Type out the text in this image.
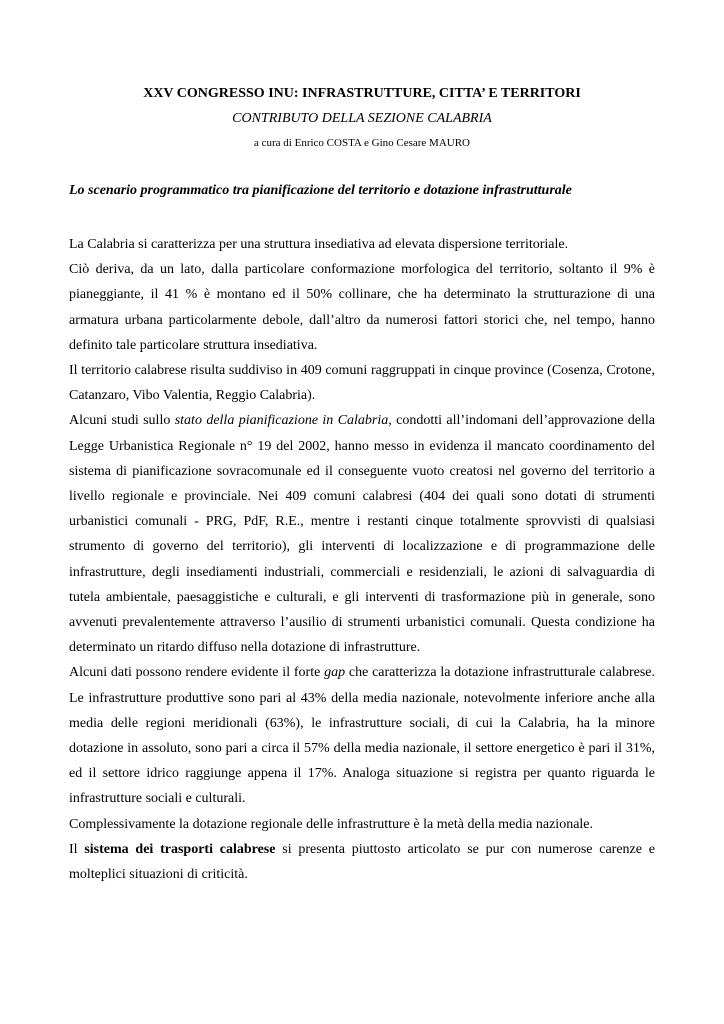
XXV CONGRESSO INU: INFRASTRUTTURE, CITTA’ E TERRITORI

CONTRIBUTO DELLA SEZIONE CALABRIA

a cura di Enrico COSTA e Gino Cesare MAURO

Lo scenario programmatico tra pianificazione del territorio e dotazione infrastrutturale

La Calabria si caratterizza per una struttura insediativa ad elevata dispersione territoriale.

Ciò deriva, da un lato, dalla particolare conformazione morfologica del territorio, soltanto il 9% è pianeggiante, il 41 % è montano ed il 50% collinare, che ha determinato la strutturazione di una armatura urbana particolarmente debole, dall’altro da numerosi fattori storici che, nel tempo, hanno definito tale particolare struttura insediativa.

Il territorio calabrese risulta suddiviso in 409 comuni raggruppati in cinque province (Cosenza, Crotone, Catanzaro, Vibo Valentia, Reggio Calabria).

Alcuni studi sullo stato della pianificazione in Calabria, condotti all’indomani dell’approvazione della Legge Urbanistica Regionale n° 19 del 2002, hanno messo in evidenza il mancato coordinamento del sistema di pianificazione sovracomunale ed il conseguente vuoto creatosi nel governo del territorio a livello regionale e provinciale. Nei 409 comuni calabresi (404 dei quali sono dotati di strumenti urbanistici comunali - PRG, PdF, R.E., mentre i restanti cinque totalmente sprovvisti di qualsiasi strumento di governo del territorio), gli interventi di localizzazione e di programmazione delle infrastrutture, degli insediamenti industriali, commerciali e residenziali, le azioni di salvaguardia di tutela ambientale, paesaggistiche e culturali, e gli interventi di trasformazione più in generale, sono avvenuti prevalentemente attraverso l’ausilio di strumenti urbanistici comunali. Questa condizione ha determinato un ritardo diffuso nella dotazione di infrastrutture.

Alcuni dati possono rendere evidente il forte gap che caratterizza la dotazione infrastrutturale calabrese. Le infrastrutture produttive sono pari al 43% della media nazionale, notevolmente inferiore anche alla media delle regioni meridionali (63%), le infrastrutture sociali, di cui la Calabria, ha la minore dotazione in assoluto, sono pari a circa il 57% della media nazionale, il settore energetico è pari il 31%, ed il settore idrico raggiunge appena il 17%. Analoga situazione si registra per quanto riguarda le infrastrutture sociali e culturali.

Complessivamente la dotazione regionale delle infrastrutture è la metà della media nazionale.

Il sistema dei trasporti calabrese si presenta piuttosto articolato se pur con numerose carenze e molteplici situazioni di criticità.
